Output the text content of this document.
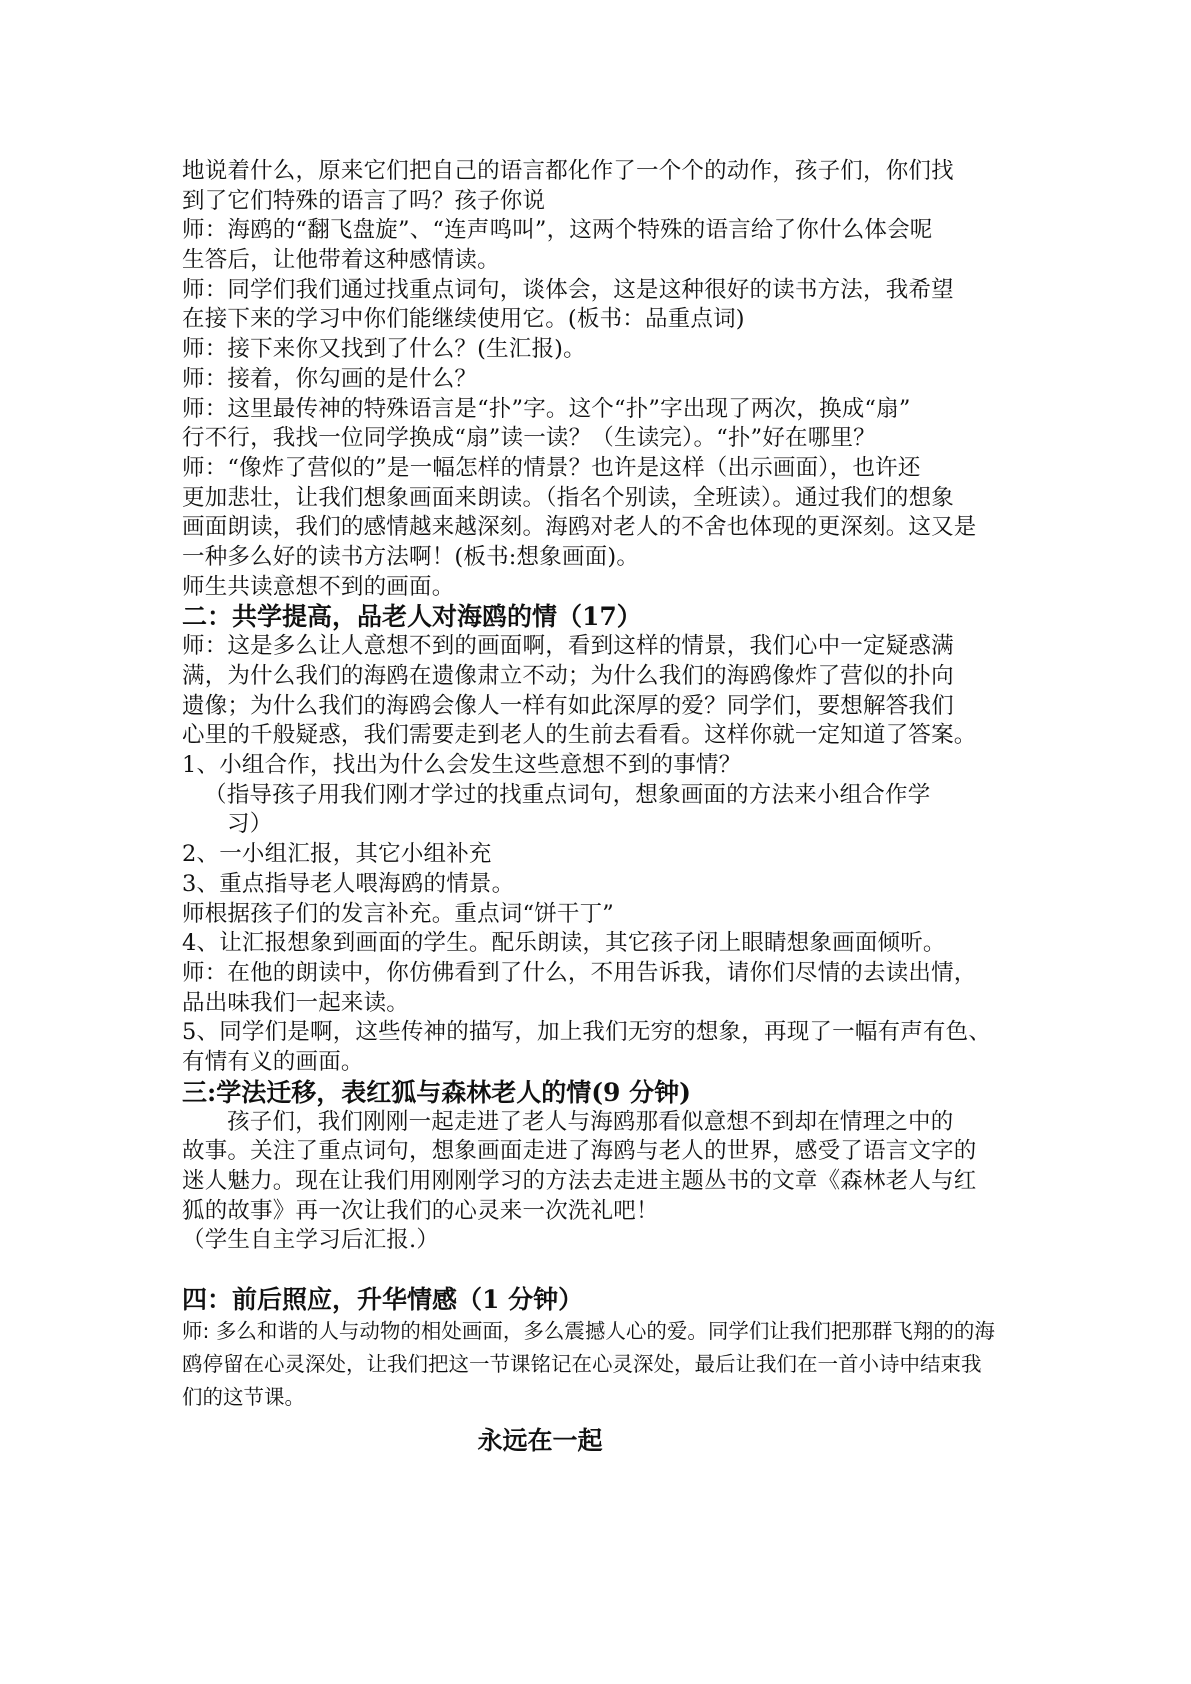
地说着什么，原来它们把自己的语言都化作了一个个的动作，孩子们，你们找
到了它们特殊的语言了吗？孩子你说
师：海鸥的“翻飞盘旋”、“连声鸣叫”，这两个特殊的语言给了你什么体会呢
生答后，让他带着这种感情读。
师：同学们我们通过找重点词句，谈体会，这是这种很好的读书方法，我希望
在接下来的学习中你们能继续使用它。(板书：品重点词)
师：接下来你又找到了什么？(生汇报)。
师：接着，你勾画的是什么？
师：这里最传神的特殊语言是“扑”字。这个“扑”字出现了两次，换成“扇”
行不行，我找一位同学换成“扇”读一读？（生读完）。“扑”好在哪里？
师：“像炸了营似的”是一幅怎样的情景？也许是这样（出示画面），也许还
更加悲壮，让我们想象画面来朗读。（指名个别读，全班读）。通过我们的想象
画面朗读，我们的感情越来越深刻。海鸥对老人的不舍也体现的更深刻。这又是
一种多么好的读书方法啊！(板书:想象画面)。
师生共读意想不到的画面。
二：共学提高，品老人对海鸥的情（17）
师：这是多么让人意想不到的画面啊，看到这样的情景，我们心中一定疑惑满
满，为什么我们的海鸥在遗像肃立不动；为什么我们的海鸥像炸了营似的扑向
遗像；为什么我们的海鸥会像人一样有如此深厚的爱？同学们，要想解答我们
心里的千般疑惑，我们需要走到老人的生前去看看。这样你就一定知道了答案。
1、小组合作，找出为什么会发生这些意想不到的事情？
（指导孩子用我们刚才学过的找重点词句，想象画面的方法来小组合作学
习）
2、一小组汇报，其它小组补充
3、重点指导老人喂海鸥的情景。
师根据孩子们的发言补充。重点词“饼干丁”
4、让汇报想象到画面的学生。配乐朗读，其它孩子闭上眼睛想象画面倾听。
师：在他的朗读中，你仿佛看到了什么，不用告诉我，请你们尽情的去读出情，
品出味我们一起来读。
5、同学们是啊，这些传神的描写，加上我们无穷的想象，再现了一幅有声有色、
有情有义的画面。
三:学法迁移，表红狐与森林老人的情(9 分钟)
孩子们，我们刚刚一起走进了老人与海鸥那看似意想不到却在情理之中的
故事。关注了重点词句，想象画面走进了海鸥与老人的世界，感受了语言文字的
迷人魅力。现在让我们用刚刚学习的方法去走进主题丛书的文章《森林老人与红
狐的故事》再一次让我们的心灵来一次洗礼吧！
（学生自主学习后汇报.）
四：前后照应，升华情感（1 分钟）
师: 多么和谐的人与动物的相处画面，多么震撼人心的爱。同学们让我们把那群飞翔的的海
鸥停留在心灵深处，让我们把这一节课铭记在心灵深处，最后让我们在一首小诗中结束我
们的这节课。
永远在一起
